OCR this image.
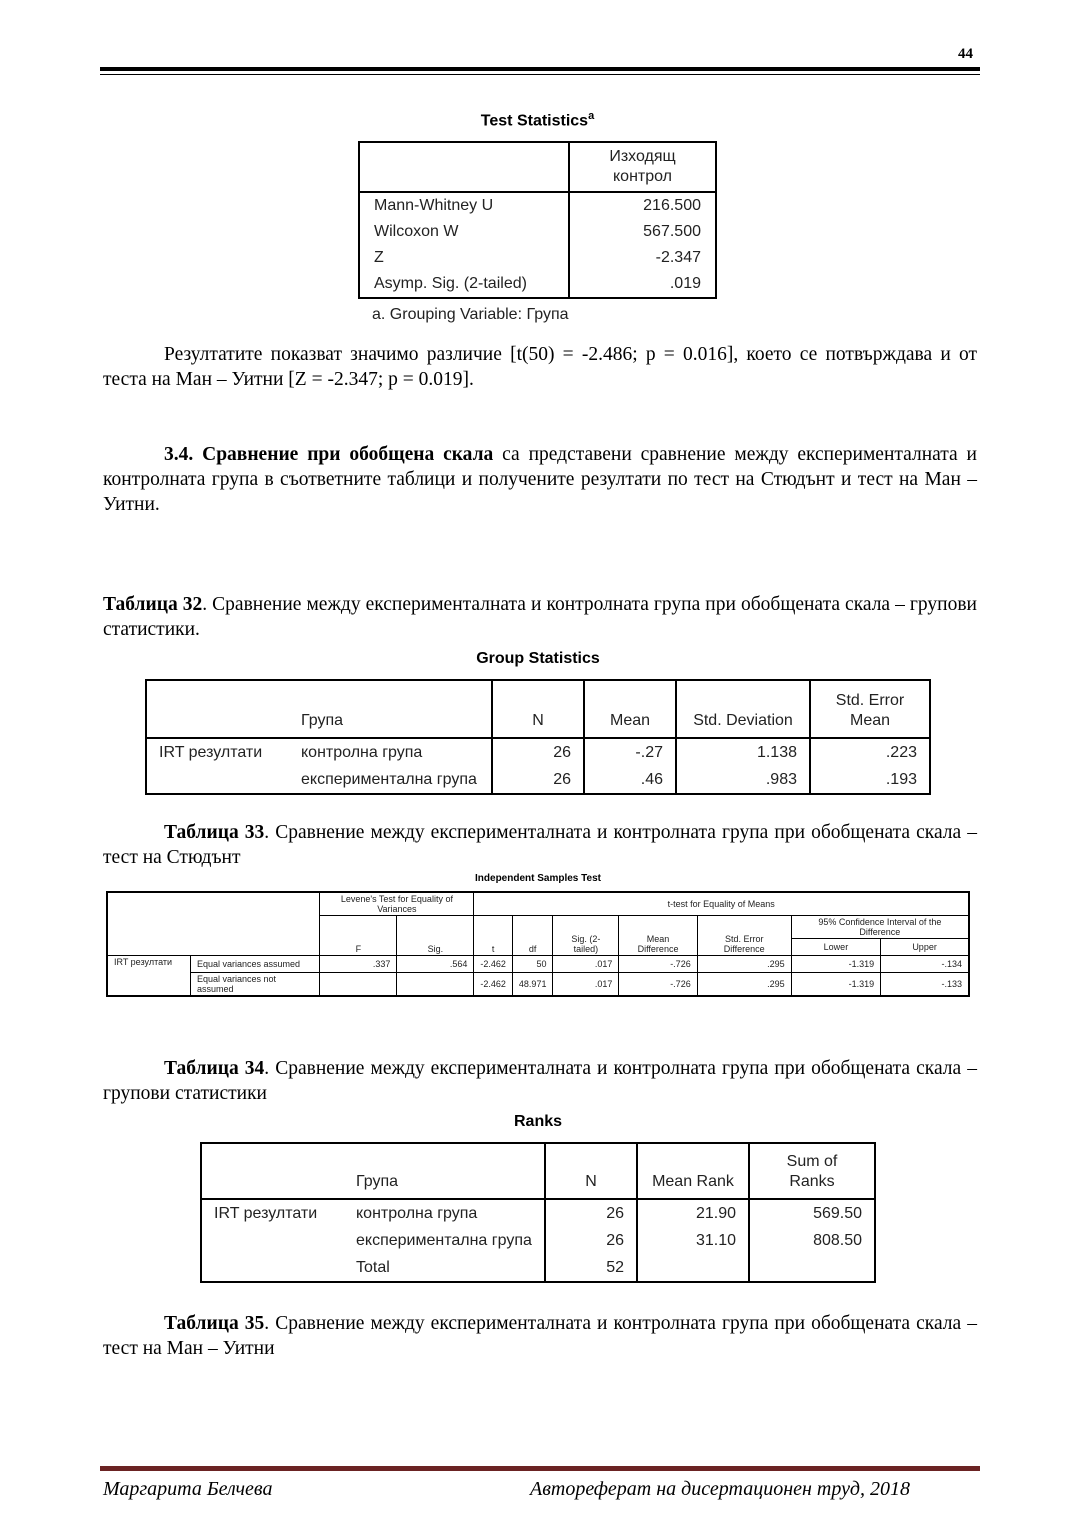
44
Test Statistics$^a$

	Изходящ
контрол

Mann-Whitney U	216.500
Wilcoxon W	567.500
Z	-2.347
Asymp. Sig. (2-tailed)	.019
a. Grouping Variable: Група
Резултатите показват значимо различие [t(50) = -2.486; p = 0.016], което се потвърждава и от теста на Ман – Уитни [Z = -2.347; p = 0.019].
3.4. Сравнение при обобщена скала са представени сравнение между експерименталната и контролната група в съответните таблици и получените резултати по тест на Стюдънт и тест на Ман – Уитни.
Таблица 32. Сравнение между експерименталната и контролната група при обобщената скала – групови статистики.
Group Statistics
	Група	N	Mean	Std. Deviation	Std. Error
Mean

IRT резултати	контролна група	26	-.27	1.138	.223
	експериментална група	26	.46	.983	.193
Таблица 33. Сравнение между експерименталната и контролната група при обобщената скала – тест на Стюдънт
Independent Samples Test
		Levene's Test for Equality of Variances		t-test for Equality of Means						
		F	Sig.	t	df	Sig. (2-tailed)	Mean Difference	Std. Error Difference	95% Confidence Interval of the Difference	
									Lower	Upper
IRT резултати	Equal variances assumed	.337	.564	-2.462	50	.017	-.726	.295	-1.319	-.134
	Equal variances not assumed			-2.462	48.971	.017	-.726	.295	-1.319	-.133
Таблица 34. Сравнение между експерименталната и контролната група при обобщената скала – групови статистики
Ranks
	Група	N	Mean Rank	Sum of
Ranks

IRT резултати	контролна група	26	21.90	569.50
	експериментална група	26	31.10	808.50
	Total	52		
Таблица 35. Сравнение между експерименталната и контролната група при обобщената скала – тест на Ман – Уитни
Маргарита Белчева	Автореферат на дисертационен труд, 2018
